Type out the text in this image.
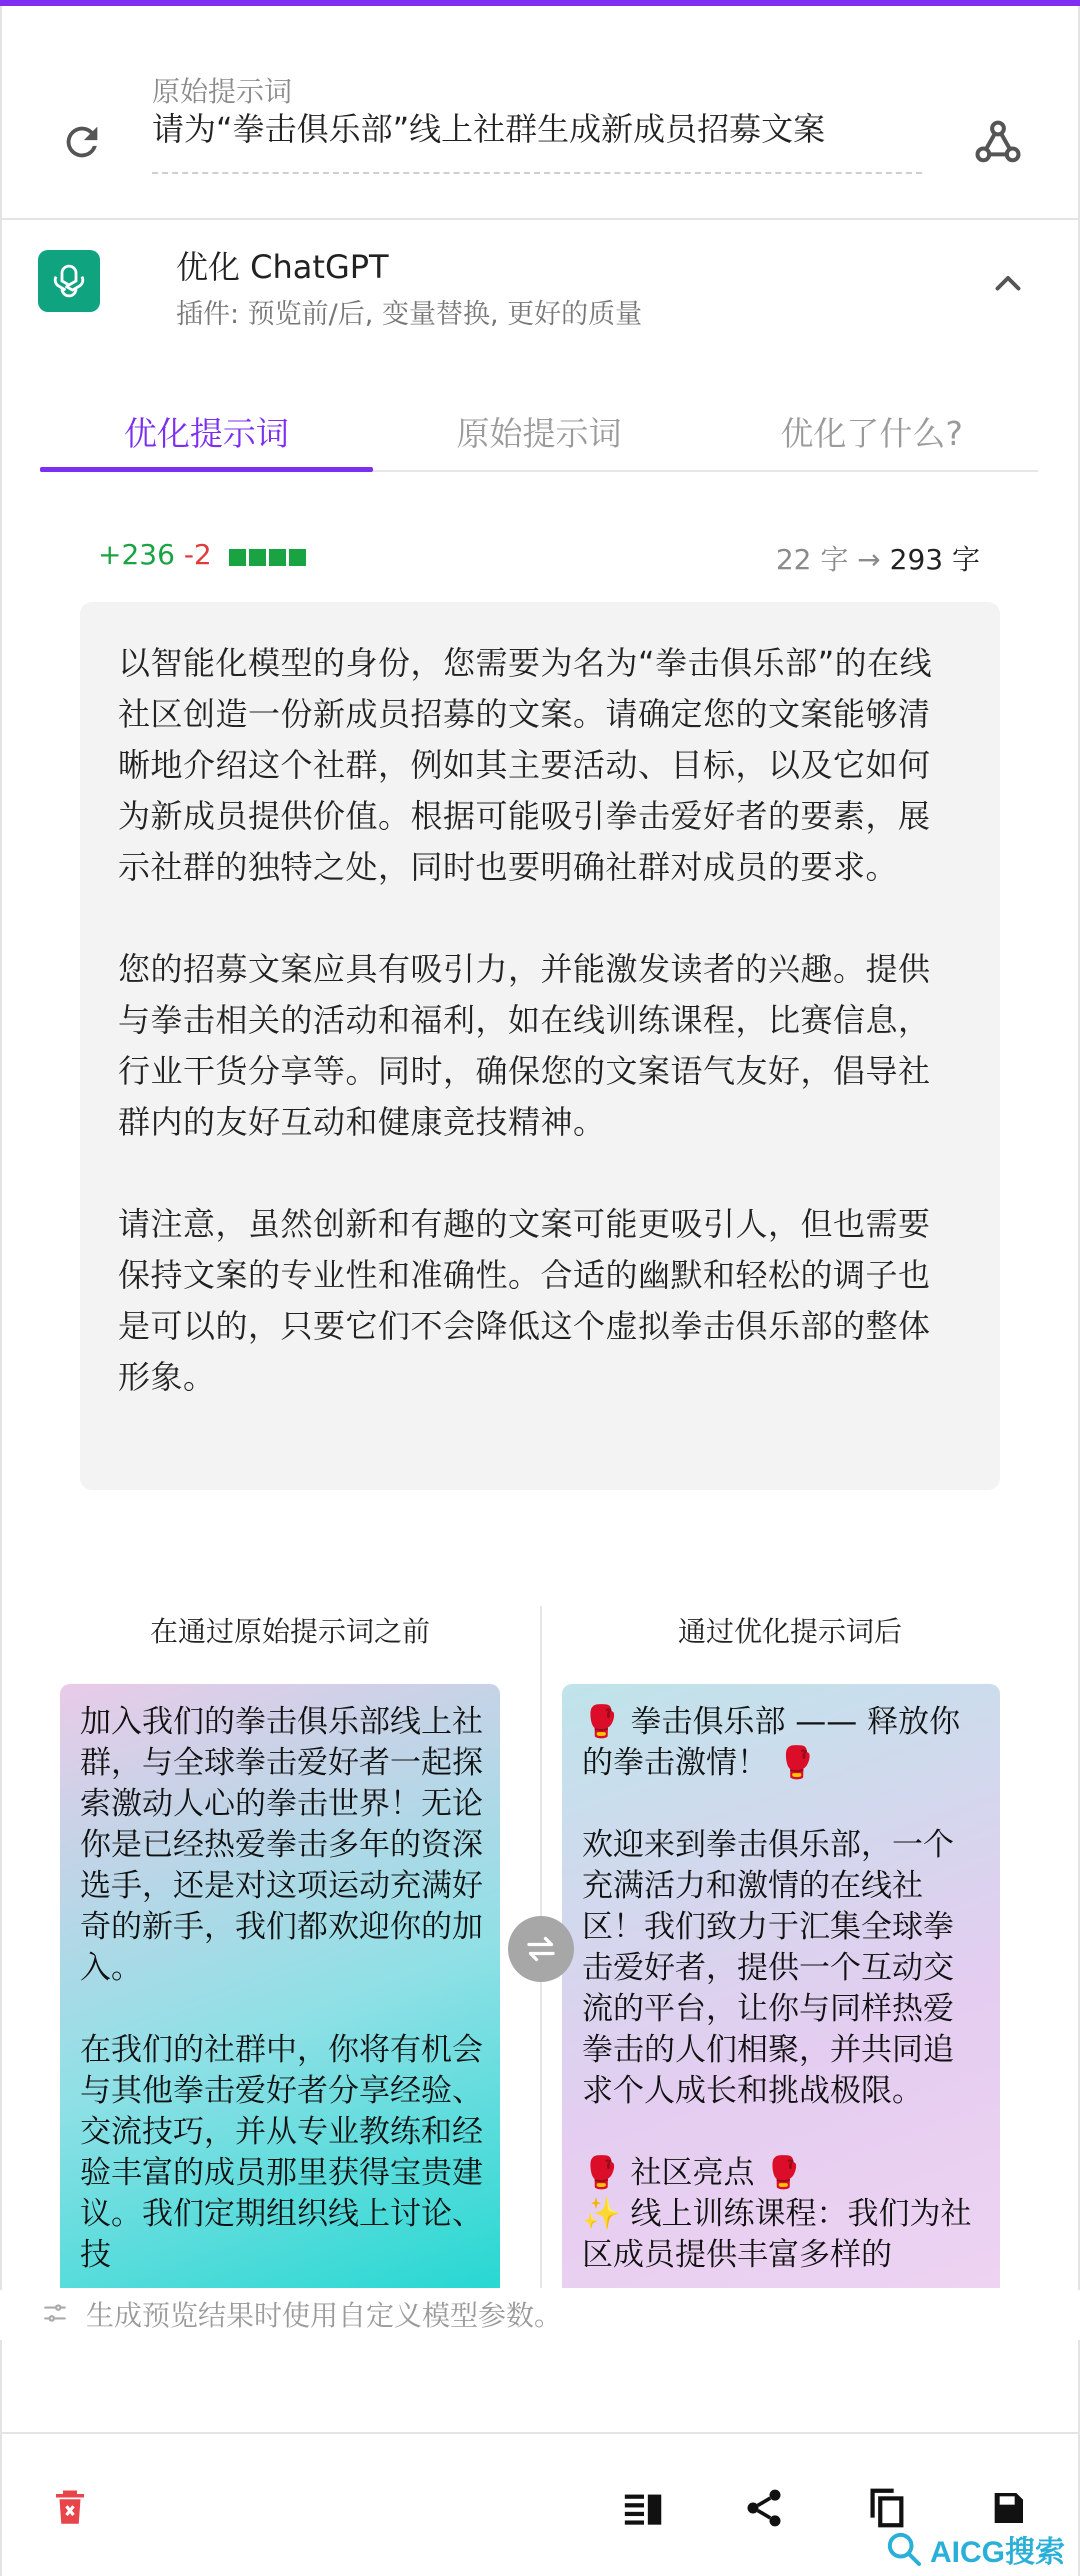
原始提示词
请为“拳击俱乐部”线上社群生成新成员招募文案
优化 ChatGPT
插件: 预览前/后, 变量替换, 更好的质量
优化提示词	原始提示词	优化了什么?
+236 -2	22 字 → 293 字

以智能化模型的身份，您需要为名为“拳击俱乐部”的在线社区创造一份新成员招募的文案。请确定您的文案能够清晰地介绍这个社群，例如其主要活动、目标，以及它如何为新成员提供价值。根据可能吸引拳击爱好者的要素，展示社群的独特之处，同时也要明确社群对成员的要求。

您的招募文案应具有吸引力，并能激发读者的兴趣。提供与拳击相关的活动和福利，如在线训练课程，比赛信息，行业干货分享等。同时，确保您的文案语气友好，倡导社群内的友好互动和健康竞技精神。

请注意，虽然创新和有趣的文案可能更吸引人，但也需要保持文案的专业性和准确性。合适的幽默和轻松的调子也是可以的，只要它们不会降低这个虚拟拳击俱乐部的整体形象。

在通过原始提示词之前	通过优化提示词后
加入我们的拳击俱乐部线上社群，与全球拳击爱好者一起探索激动人心的拳击世界！无论你是已经热爱拳击多年的资深选手，还是对这项运动充满好奇的新手，我们都欢迎你的加入。

在我们的社群中，你将有机会与其他拳击爱好者分享经验、交流技巧，并从专业教练和经验丰富的成员那里获得宝贵建议。我们定期组织线上讨论、技
🥊 拳击俱乐部 —— 释放你的拳击激情！ 🥊

欢迎来到拳击俱乐部，一个充满活力和激情的在线社区！我们致力于汇集全球拳击爱好者，提供一个互动交流的平台，让你与同样热爱拳击的人们相聚，并共同追求个人成长和挑战极限。

🥊 社区亮点 🥊
✨ 线上训练课程：我们为社区成员提供丰富多样的
生成预览结果时使用自定义模型参数。
AICG搜索
